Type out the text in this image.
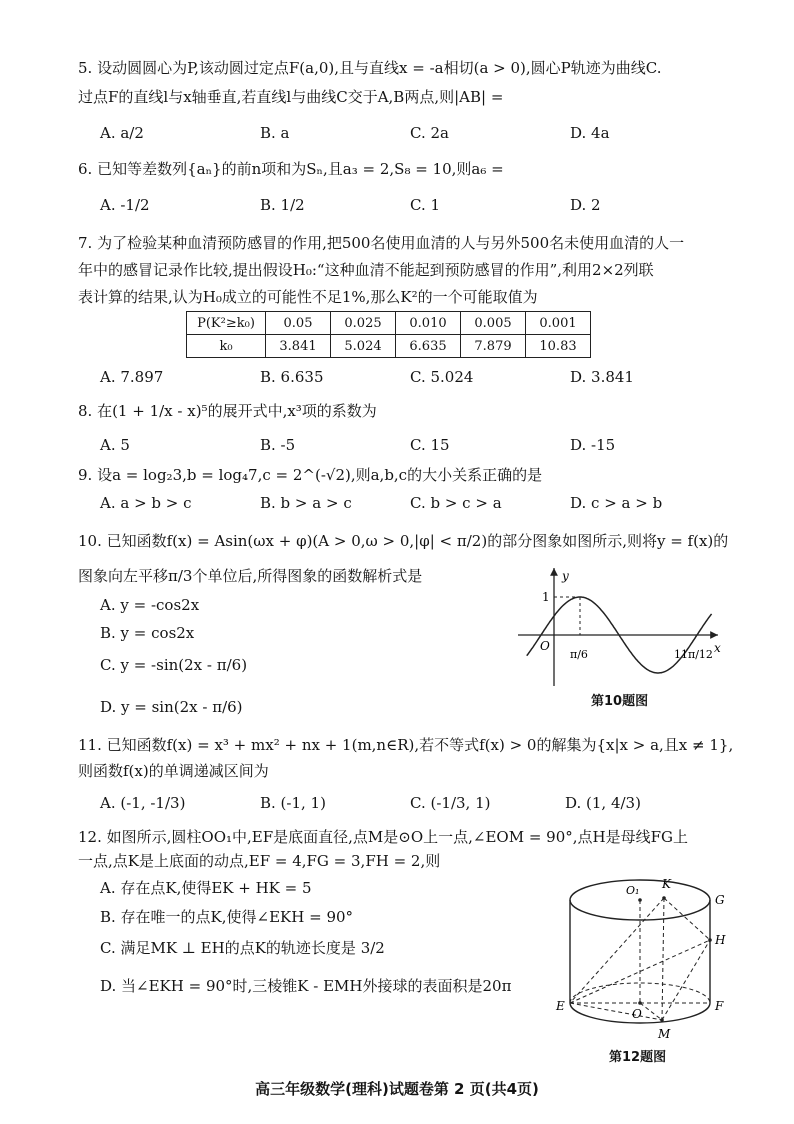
5. 设动圆圆心为P,该动圆过定点F(a,0),且与直线x = -a相切(a > 0),圆心P轨迹为曲线C.
过点F的直线l与x轴垂直,若直线l与曲线C交于A,B两点,则|AB| =
A. a/2	B. a	C. 2a	D. 4a
6. 已知等差数列{aₙ}的前n项和为Sₙ,且a₃ = 2,S₈ = 10,则a₆ =
A. -1/2	B. 1/2	C. 1	D. 2
7. 为了检验某种血清预防感冒的作用,把500名使用血清的人与另外500名未使用血清的人一
年中的感冒记录作比较,提出假设H₀:“这种血清不能起到预防感冒的作用”,利用2×2列联
表计算的结果,认为H₀成立的可能性不足1%,那么K²的一个可能取值为
P(K²≥k₀)	0.05	0.025	0.010	0.005	0.001
k₀	3.841	5.024	6.635	7.879	10.83
A. 7.897	B. 6.635	C. 5.024	D. 3.841
8. 在(1 + 1/x - x)⁵的展开式中,x³项的系数为
A. 5	B. -5	C. 15	D. -15
9. 设a = log₂3,b = log₄7,c = 2^(-√2),则a,b,c的大小关系正确的是
A. a > b > c	B. b > a > c	C. b > c > a	D. c > a > b
10. 已知函数f(x) = Asin(ωx + φ)(A > 0,ω > 0,|φ| < π/2)的部分图象如图所示,则将y = f(x)的
图象向左平移π/3个单位后,所得图象的函数解析式是
A. y = -cos2x
B. y = cos2x
C. y = -sin(2x - π/6)
D. y = sin(2x - π/6)
y
x
O
1
π/6	11π/12
第10题图
11. 已知函数f(x) = x³ + mx² + nx + 1(m,n∈R),若不等式f(x) > 0的解集为{x|x > a,且x ≠ 1},
则函数f(x)的单调递减区间为
A. (-1, -1/3)	B. (-1, 1)	C. (-1/3, 1)	D. (1, 4/3)
12. 如图所示,圆柱OO₁中,EF是底面直径,点M是⊙O上一点,∠EOM = 90°,点H是母线FG上
一点,点K是上底面的动点,EF = 4,FG = 3,FH = 2,则
A. 存在点K,使得EK + HK = 5
B. 存在唯一的点K,使得∠EKH = 90°
C. 满足MK ⊥ EH的点K的轨迹长度是 3/2
D. 当∠EKH = 90°时,三棱锥K - EMH外接球的表面积是20π
O₁ K
G
H
E
O
F
M
第12题图
高三年级数学(理科)试题卷第 2 页(共4页)
